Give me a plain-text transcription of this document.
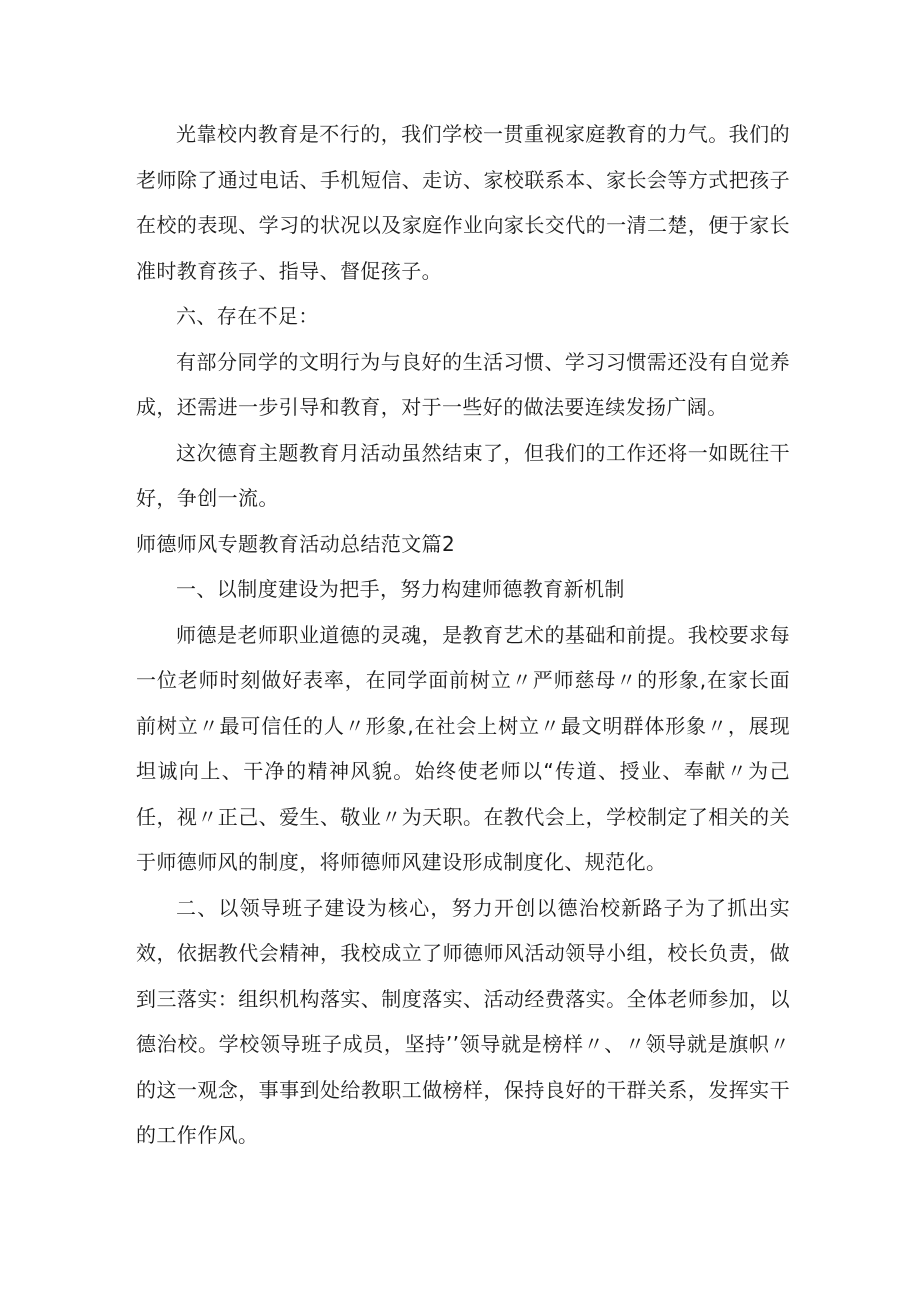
光靠校内教育是不行的，我们学校一贯重视家庭教育的力气。我们的老师除了通过电话、手机短信、走访、家校联系本、家长会等方式把孩子在校的表现、学习的状况以及家庭作业向家长交代的一清二楚，便于家长准时教育孩子、指导、督促孩子。

六、存在不足：

有部分同学的文明行为与良好的生活习惯、学习习惯需还没有自觉养成，还需进一步引导和教育，对于一些好的做法要连续发扬广阔。

这次德育主题教育月活动虽然结束了，但我们的工作还将一如既往干好，争创一流。

师德师风专题教育活动总结范文篇2

一、以制度建设为把手，努力构建师德教育新机制

师德是老师职业道德的灵魂，是教育艺术的基础和前提。我校要求每一位老师时刻做好表率，在同学面前树立〃严师慈母〃的形象,在家长面前树立〃最可信任的人〃形象,在社会上树立〃最文明群体形象〃，展现坦诚向上、干净的精神风貌。始终使老师以“传道、授业、奉献〃为己任，视〃正己、爱生、敬业〃为天职。在教代会上，学校制定了相关的关于师德师风的制度，将师德师风建设形成制度化、规范化。

二、以领导班子建设为核心，努力开创以德治校新路子为了抓出实效，依据教代会精神，我校成立了师德师风活动领导小组，校长负责，做到三落实：组织机构落实、制度落实、活动经费落实。全体老师参加，以德治校。学校领导班子成员，坚持’’领导就是榜样〃、〃领导就是旗帜〃的这一观念，事事到处给教职工做榜样，保持良好的干群关系，发挥实干的工作作风。
